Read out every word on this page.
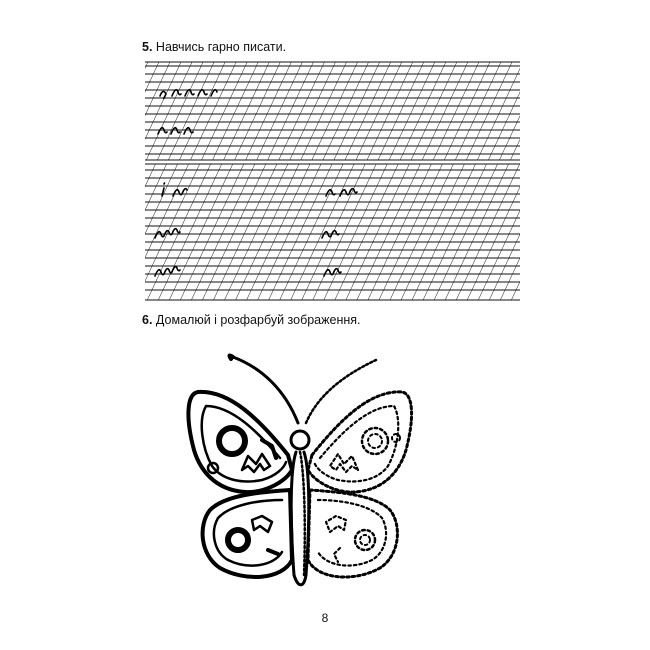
5. Навчись гарно писати.
6. Домалюй і розфарбуй зображення.
8
